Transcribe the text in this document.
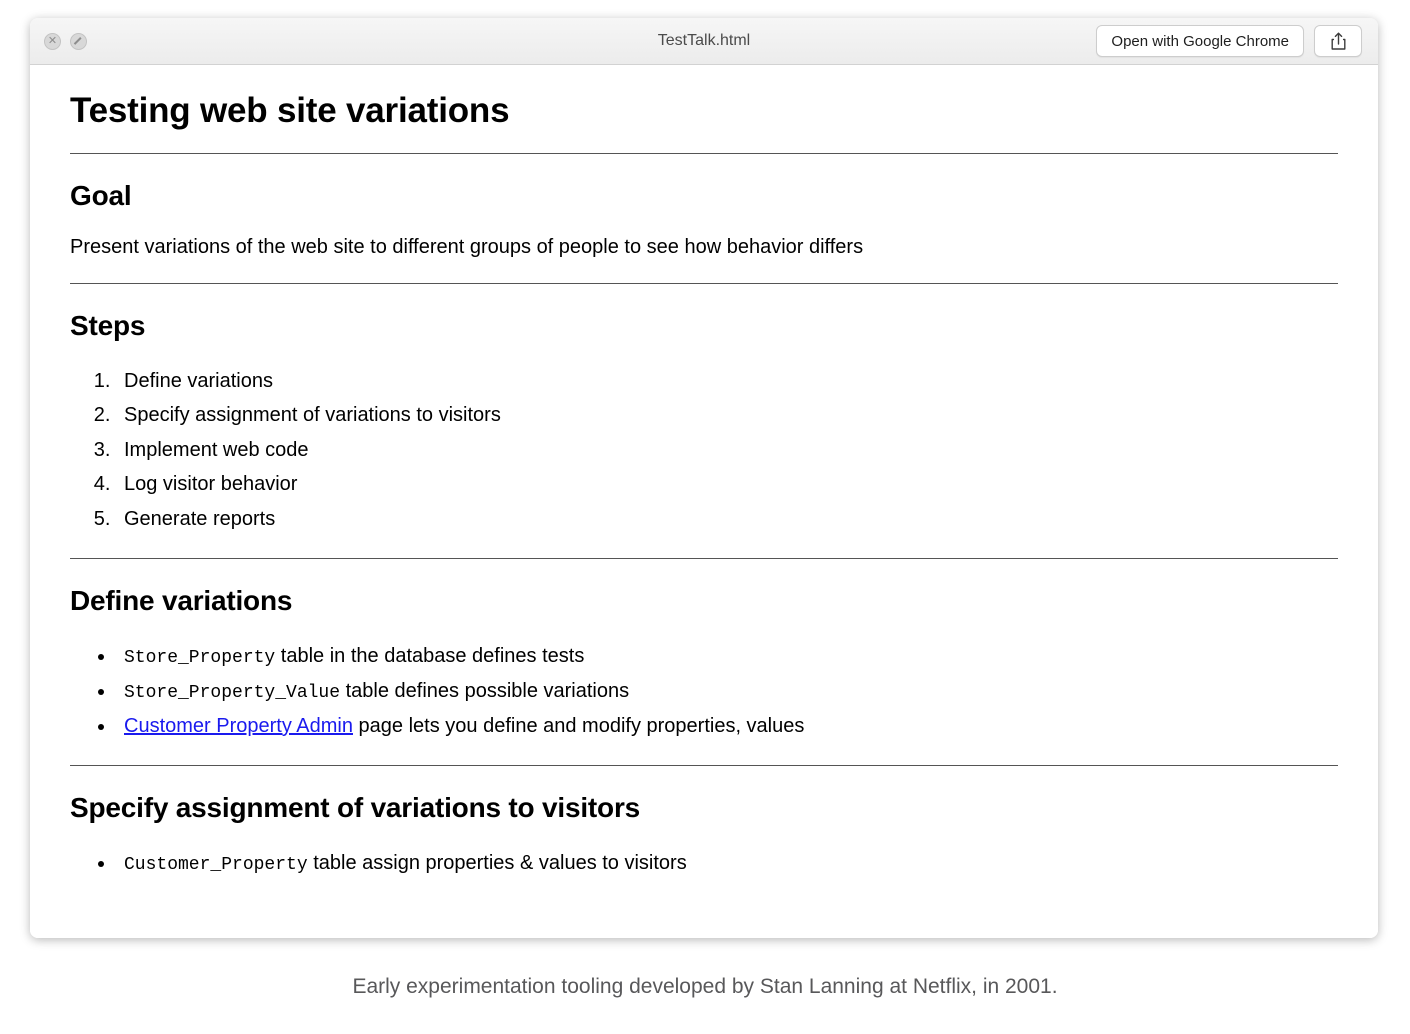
✕	TestTalk.html	Open with Google Chrome
Testing web site variations
Goal

Present variations of the web site to different groups of people to see how behavior differs

Steps
1. Define variations
2. Specify assignment of variations to visitors
3. Implement web code
4. Log visitor behavior
5. Generate reports
Define variations
• Store_Property table in the database defines tests
• Store_Property_Value table defines possible variations
• Customer Property Admin page lets you define and modify properties, values
Specify assignment of variations to visitors
• Customer_Property table assign properties & values to visitors
Early experimentation tooling developed by Stan Lanning at Netflix, in 2001.
